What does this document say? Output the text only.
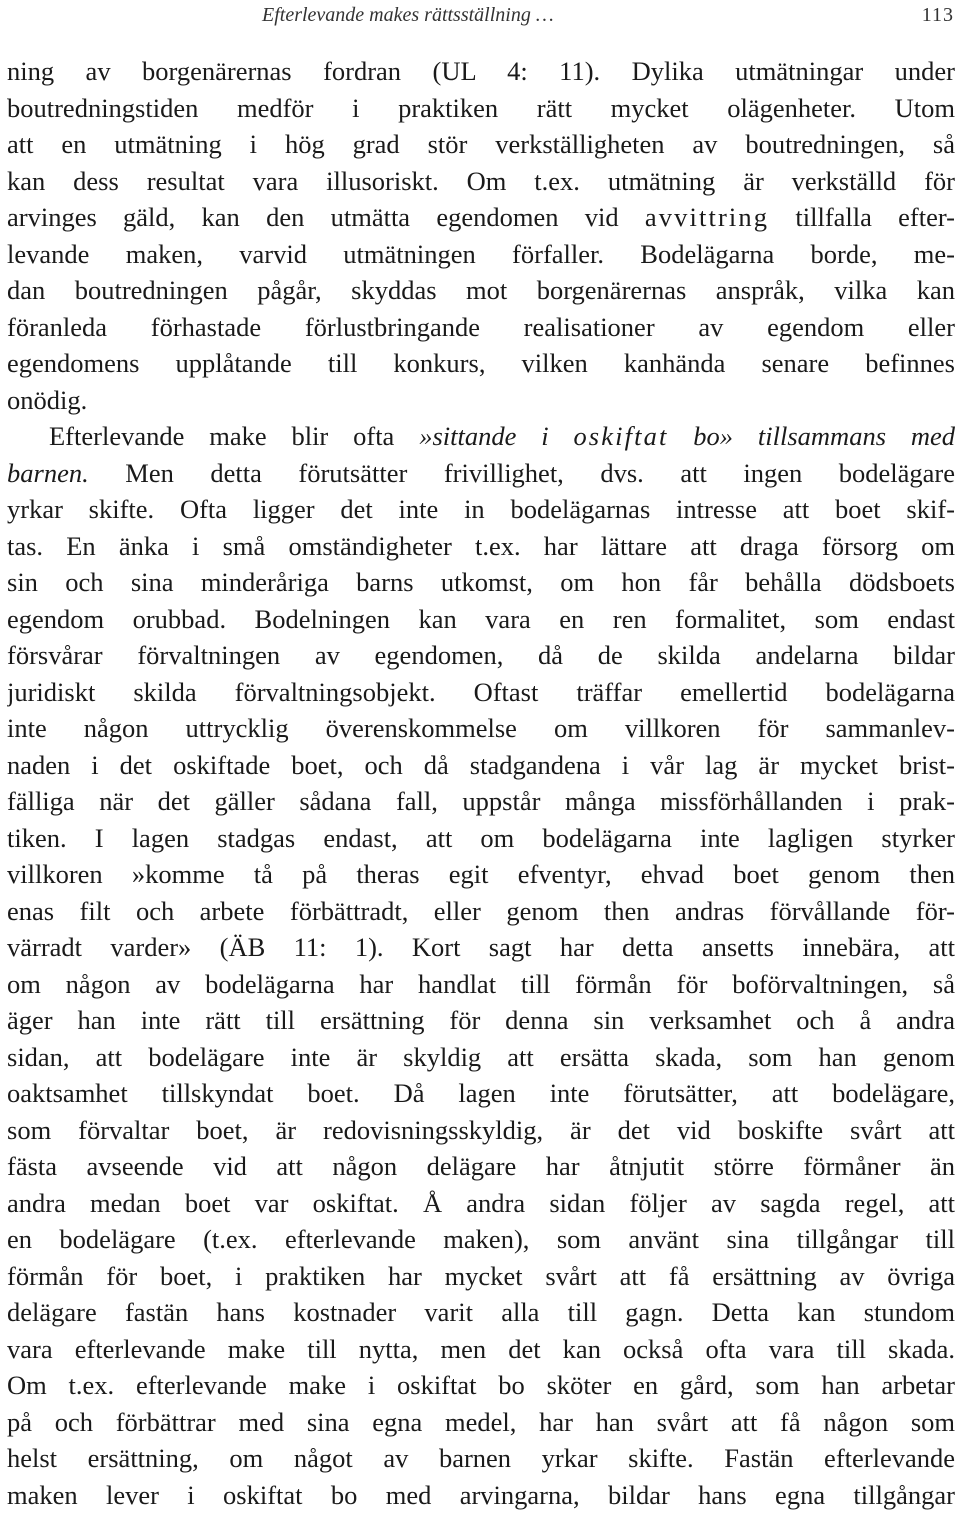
Efterlevande makes rättsställning …	113
ning av borgenärernas fordran (UL 4: 11). Dylika utmätningar under
boutredningstiden medför i praktiken rätt mycket olägenheter. Utom
att en utmätning i hög grad stör verkställigheten av boutredningen, så
kan dess resultat vara illusoriskt. Om t.ex. utmätning är verkställd för
arvinges gäld, kan den utmätta egendomen vid avvittring tillfalla efter-
levande maken, varvid utmätningen förfaller. Bodelägarna borde, me-
dan boutredningen pågår, skyddas mot borgenärernas anspråk, vilka kan
föranleda förhastade förlustbringande realisationer av egendom eller
egendomens upplåtande till konkurs, vilken kanhända senare befinnes
onödig.
Efterlevande make blir ofta »sittande i oskiftat bo» tillsammans med
barnen. Men detta förutsätter frivillighet, dvs. att ingen bodelägare
yrkar skifte. Ofta ligger det inte in bodelägarnas intresse att boet skif-
tas. En änka i små omständigheter t.ex. har lättare att draga försorg om
sin och sina minderåriga barns utkomst, om hon får behålla dödsboets
egendom orubbad. Bodelningen kan vara en ren formalitet, som endast
försvårar förvaltningen av egendomen, då de skilda andelarna bildar
juridiskt skilda förvaltningsobjekt. Oftast träffar emellertid bodelägarna
inte någon uttrycklig överenskommelse om villkoren för sammanlev-
naden i det oskiftade boet, och då stadgandena i vår lag är mycket brist-
fälliga när det gäller sådana fall, uppstår många missförhållanden i prak-
tiken. I lagen stadgas endast, att om bodelägarna inte lagligen styrker
villkoren »komme tå på theras egit efventyr, ehvad boet genom then
enas filt och arbete förbättradt, eller genom then andras förvållande för-
värradt varder» (ÄB 11: 1). Kort sagt har detta ansetts innebära, att
om någon av bodelägarna har handlat till förmån för boförvaltningen, så
äger han inte rätt till ersättning för denna sin verksamhet och å andra
sidan, att bodelägare inte är skyldig att ersätta skada, som han genom
oaktsamhet tillskyndat boet. Då lagen inte förutsätter, att bodelägare,
som förvaltar boet, är redovisningsskyldig, är det vid boskifte svårt att
fästa avseende vid att någon delägare har åtnjutit större förmåner än
andra medan boet var oskiftat. Å andra sidan följer av sagda regel, att
en bodelägare (t.ex. efterlevande maken), som använt sina tillgångar till
förmån för boet, i praktiken har mycket svårt att få ersättning av övriga
delägare fastän hans kostnader varit alla till gagn. Detta kan stundom
vara efterlevande make till nytta, men det kan också ofta vara till skada.
Om t.ex. efterlevande make i oskiftat bo sköter en gård, som han arbetar
på och förbättrar med sina egna medel, har han svårt att få någon som
helst ersättning, om något av barnen yrkar skifte. Fastän efterlevande
maken lever i oskiftat bo med arvingarna, bildar hans egna tillgångar
